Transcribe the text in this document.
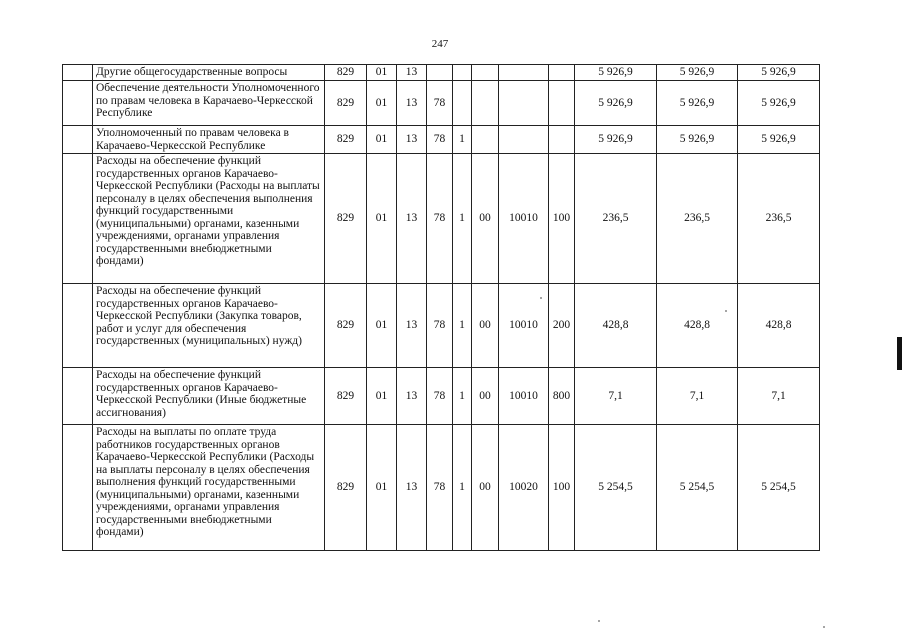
247
	Другие общегосударственные вопросы	829	01	13						5 926,9	5 926,9	5 926,9
	Обеспечение деятельности Уполномоченного по правам человека в Карачаево-Черкесской Республике	829	01	13	78					5 926,9	5 926,9	5 926,9
	Уполномоченный по правам человека в Карачаево-Черкесской Республике	829	01	13	78	1				5 926,9	5 926,9	5 926,9
	Расходы на обеспечение функций государственных органов Карачаево-Черкесской Республики (Расходы на выплаты персоналу в целях обеспечения выполнения функций государственными (муниципальными) органами, казенными учреждениями, органами управления государственными внебюджетными фондами)	829	01	13	78	1	00	10010	100	236,5	236,5	236,5
	Расходы на обеспечение функций государственных органов Карачаево-Черкесской Республики (Закупка товаров, работ и услуг для обеспечения государственных (муниципальных) нужд)	829	01	13	78	1	00	10010	200	428,8	428,8	428,8
	Расходы на обеспечение функций государственных органов Карачаево-Черкесской Республики (Иные бюджетные ассигнования)	829	01	13	78	1	00	10010	800	7,1	7,1	7,1
	Расходы на выплаты по оплате труда работников государственных органов Карачаево-Черкесской Республики (Расходы на выплаты персоналу в целях обеспечения выполнения функций государственными (муниципальными) органами, казенными учреждениями, органами управления государственными внебюджетными фондами)	829	01	13	78	1	00	10020	100	5 254,5	5 254,5	5 254,5
